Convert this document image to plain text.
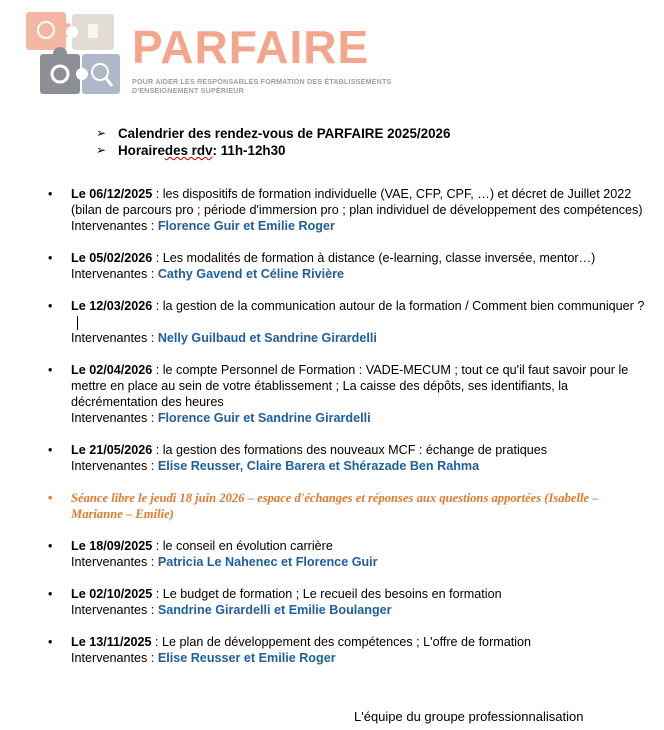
PARFAIRE
POUR AIDER LES RESPONSABLES FORMATION DES ÉTABLISSEMENTS D'ENSEIGNEMENT SUPÉRIEUR
➢ Calendrier des rendez-vous de PARFAIRE 2025/2026
➢ Horaire des rdv : 11h-12h30
•	Le 06/12/2025 : les dispositifs de formation individuelle (VAE, CFP, CPF, …) et décret de Juillet 2022 (bilan de parcours pro ; période d'immersion pro ; plan individuel de développement des compétences)
Intervenantes : Florence Guir et Emilie Roger
•	Le 05/02/2026 : Les modalités de formation à distance (e-learning, classe inversée, mentor…)
Intervenantes : Cathy Gavend et Céline Rivière
•	Le 12/03/2026 : la gestion de la communication autour de la formation / Comment bien communiquer ?
Intervenantes : Nelly Guilbaud et Sandrine Girardelli
•	Le 02/04/2026 : le compte Personnel de Formation : VADE-MECUM ; tout ce qu'il faut savoir pour le mettre en place au sein de votre établissement ; La caisse des dépôts, ses identifiants, la décrémentation des heures
Intervenantes : Florence Guir et Sandrine Girardelli
•	Le 21/05/2026 : la gestion des formations des nouveaux MCF : échange de pratiques
Intervenantes : Elise Reusser, Claire Barera et Shérazade Ben Rahma
•	Séance libre le jeudi 18 juin 2026 – espace d'échanges et réponses aux questions apportées (Isabelle – Marianne – Emilie)
•	Le 18/09/2025 : le conseil en évolution carrière
Intervenantes : Patricia Le Nahenec et Florence Guir
•	Le 02/10/2025 : Le budget de formation ; Le recueil des besoins en formation
Intervenantes : Sandrine Girardelli et Emilie Boulanger
•	Le 13/11/2025 : Le plan de développement des compétences ; L'offre de formation
Intervenantes : Elise Reusser et Emilie Roger
L'équipe du groupe professionnalisation
